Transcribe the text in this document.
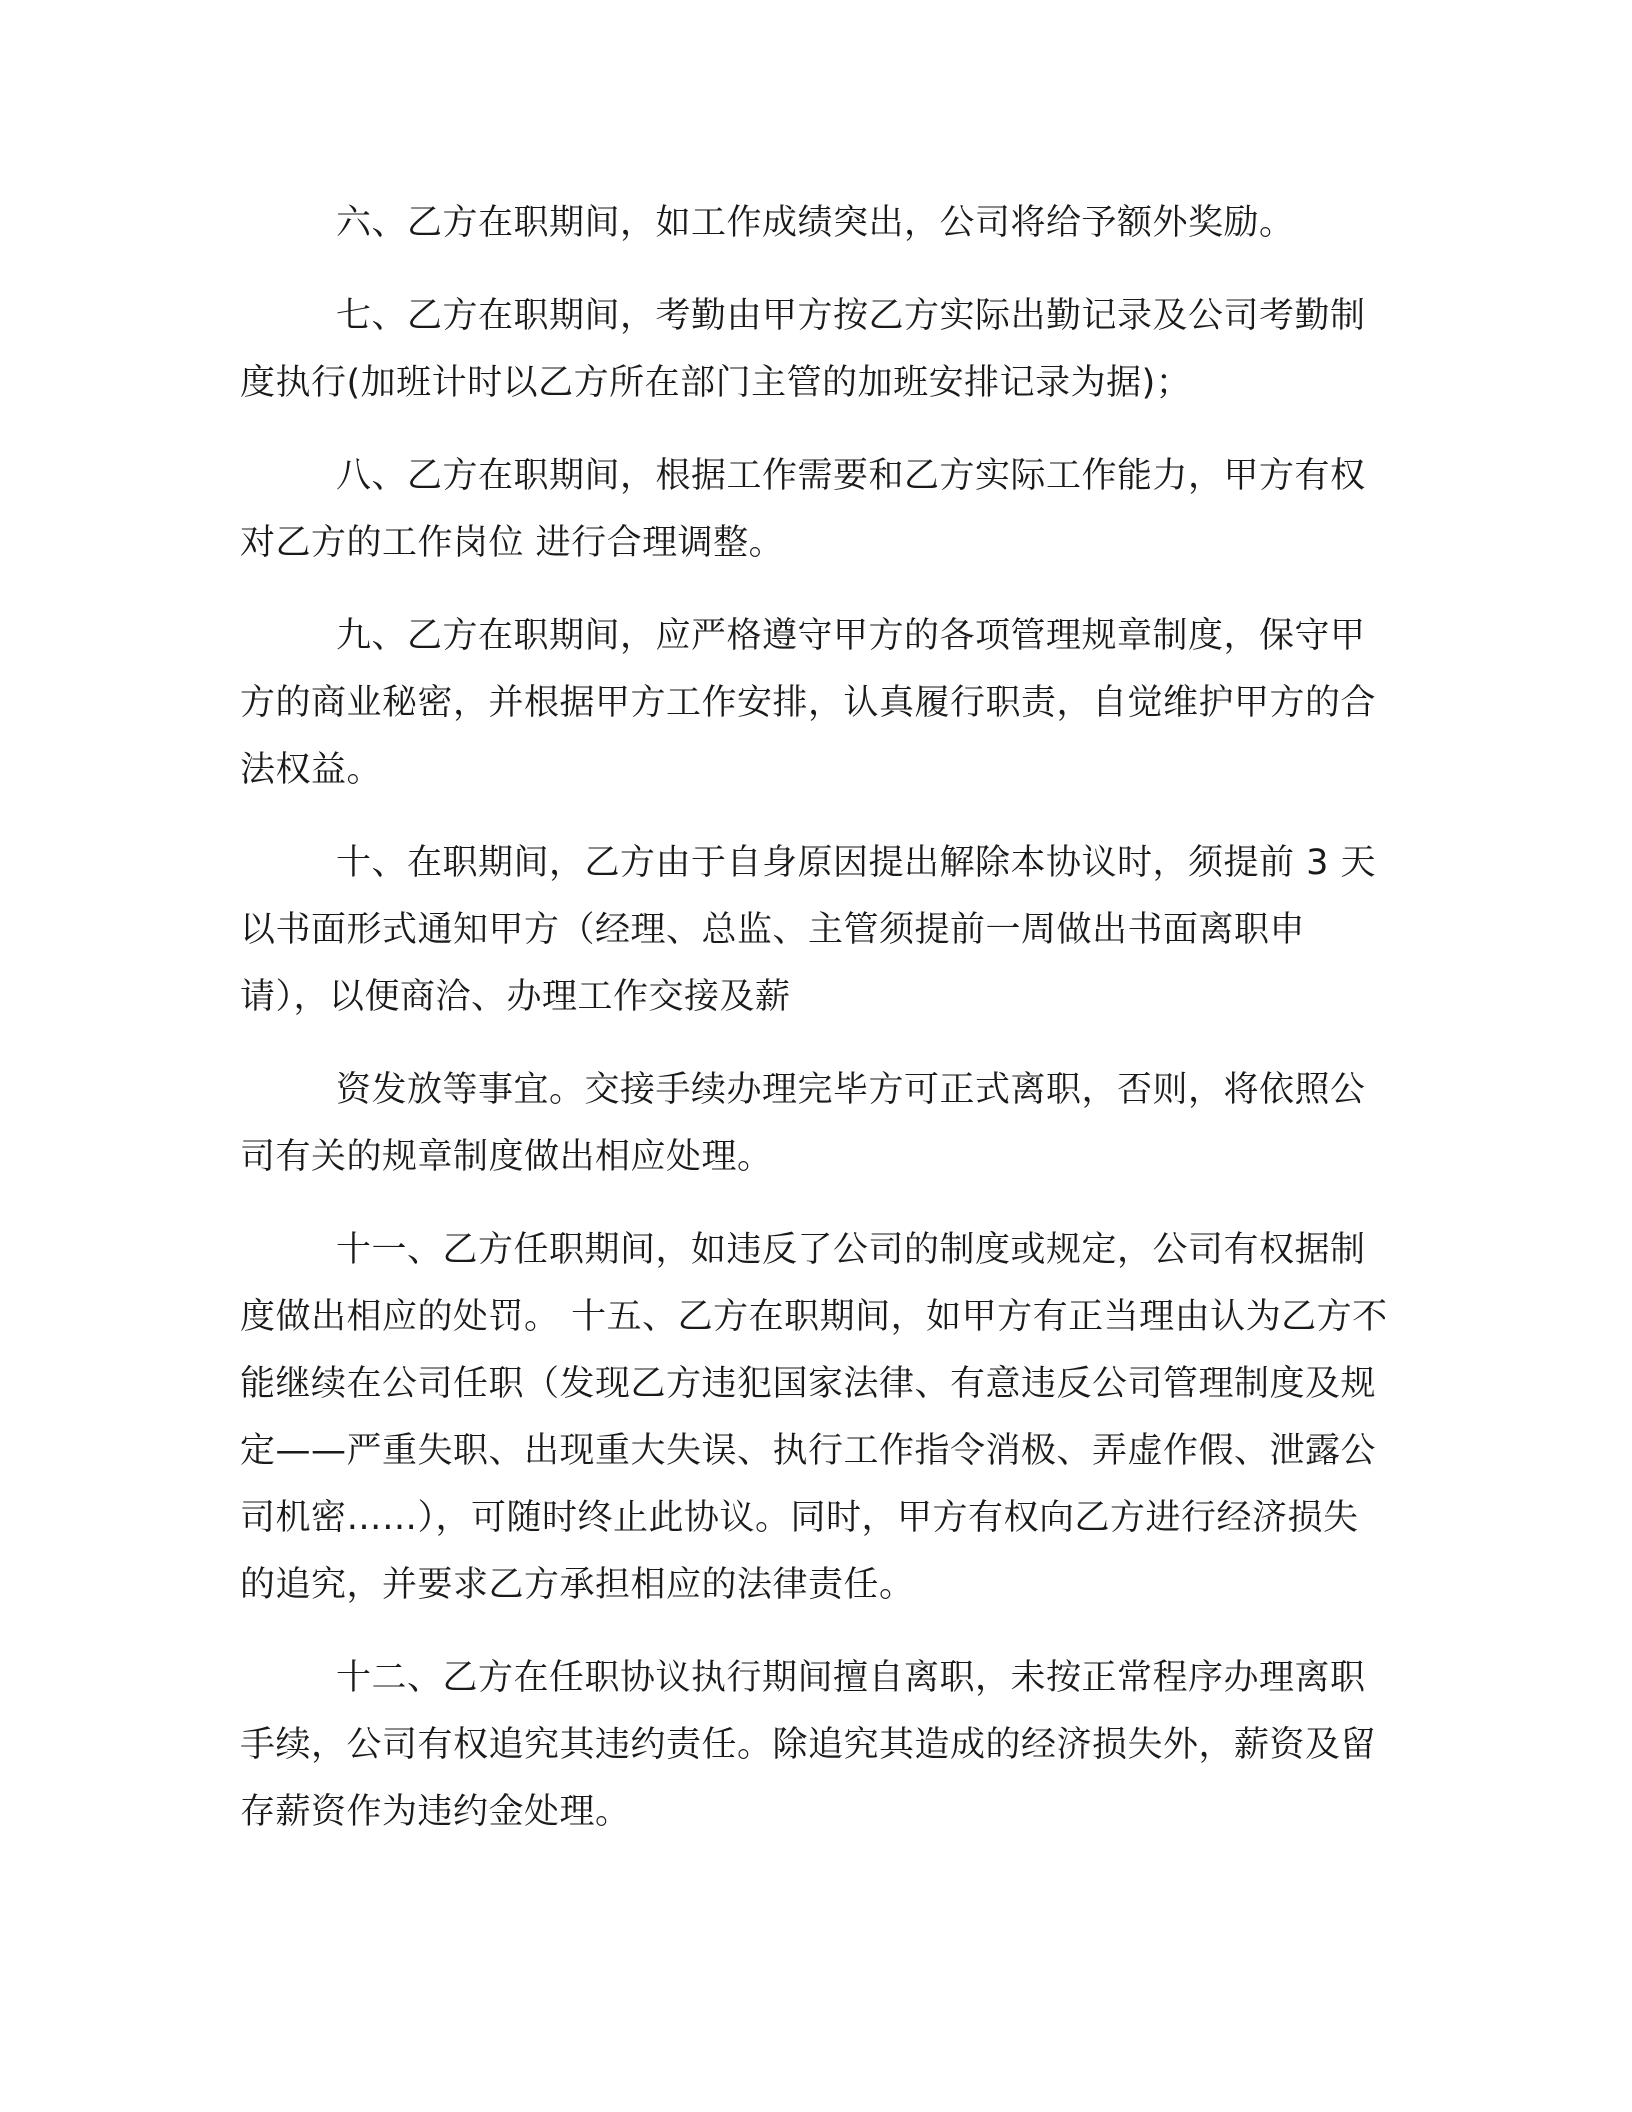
六、乙方在职期间，如工作成绩突出，公司将给予额外奖励。

七、乙方在职期间，考勤由甲方按乙方实际出勤记录及公司考勤制度执行(加班计时以乙方所在部门主管的加班安排记录为据)；

八、乙方在职期间，根据工作需要和乙方实际工作能力，甲方有权对乙方的工作岗位 进行合理调整。

九、乙方在职期间，应严格遵守甲方的各项管理规章制度，保守甲方的商业秘密，并根据甲方工作安排，认真履行职责，自觉维护甲方的合法权益。

十、在职期间，乙方由于自身原因提出解除本协议时，须提前 3 天以书面形式通知甲方（经理、总监、主管须提前一周做出书面离职申请），以便商洽、办理工作交接及薪

资发放等事宜。交接手续办理完毕方可正式离职，否则，将依照公司有关的规章制度做出相应处理。

十一、乙方任职期间，如违反了公司的制度或规定，公司有权据制度做出相应的处罚。 十五、乙方在职期间，如甲方有正当理由认为乙方不能继续在公司任职（发现乙方违犯国家法律、有意违反公司管理制度及规定——严重失职、出现重大失误、执行工作指令消极、弄虚作假、泄露公司机密……），可随时终止此协议。同时，甲方有权向乙方进行经济损失的追究，并要求乙方承担相应的法律责任。

十二、乙方在任职协议执行期间擅自离职，未按正常程序办理离职手续，公司有权追究其违约责任。除追究其造成的经济损失外，薪资及留存薪资作为违约金处理。
